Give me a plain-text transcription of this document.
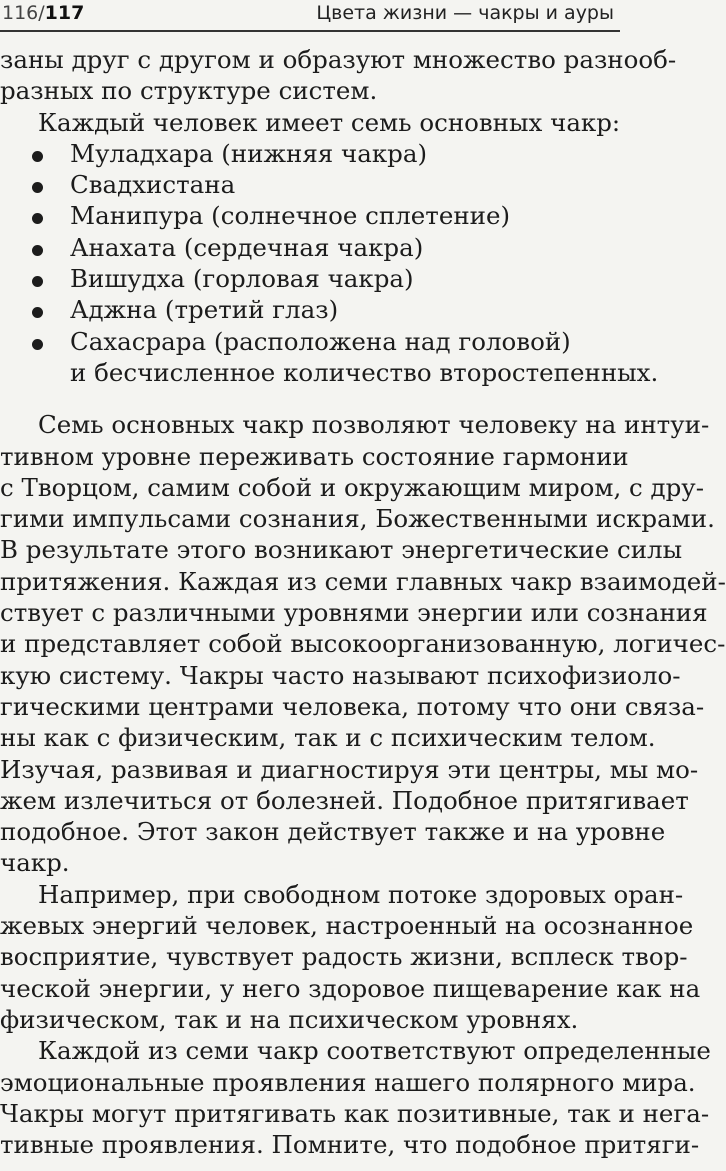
116/117	Цвета жизни — чакры и ауры
заны друг с другом и образуют множество разнооб-
разных по структуре систем.
Каждый человек имеет семь основных чакр:
Муладхара (нижняя чакра)
Свадхистана
Манипура (солнечное сплетение)
Анахата (сердечная чакра)
Вишудха (горловая чакра)
Аджна (третий глаз)
Сахасрара (расположена над головой)
и бесчисленное количество второстепенных.
Семь основных чакр позволяют человеку на интуи-
тивном уровне переживать состояние гармонии
с Творцом, самим собой и окружающим миром, с дру-
гими импульсами сознания, Божественными искрами.
В результате этого возникают энергетические силы
притяжения. Каждая из семи главных чакр взаимодей-
ствует с различными уровнями энергии или сознания
и представляет собой высокоорганизованную, логичес-
кую систему. Чакры часто называют психофизиоло-
гическими центрами человека, потому что они связа-
ны как с физическим, так и с психическим телом.
Изучая, развивая и диагностируя эти центры, мы мо-
жем излечиться от болезней. Подобное притягивает
подобное. Этот закон действует также и на уровне
чакр.
Например, при свободном потоке здоровых оран-
жевых энергий человек, настроенный на осознанное
восприятие, чувствует радость жизни, всплеск твор-
ческой энергии, у него здоровое пищеварение как на
физическом, так и на психическом уровнях.
Каждой из семи чакр соответствуют определенные
эмоциональные проявления нашего полярного мира.
Чакры могут притягивать как позитивные, так и нега-
тивные проявления. Помните, что подобное притяги-
